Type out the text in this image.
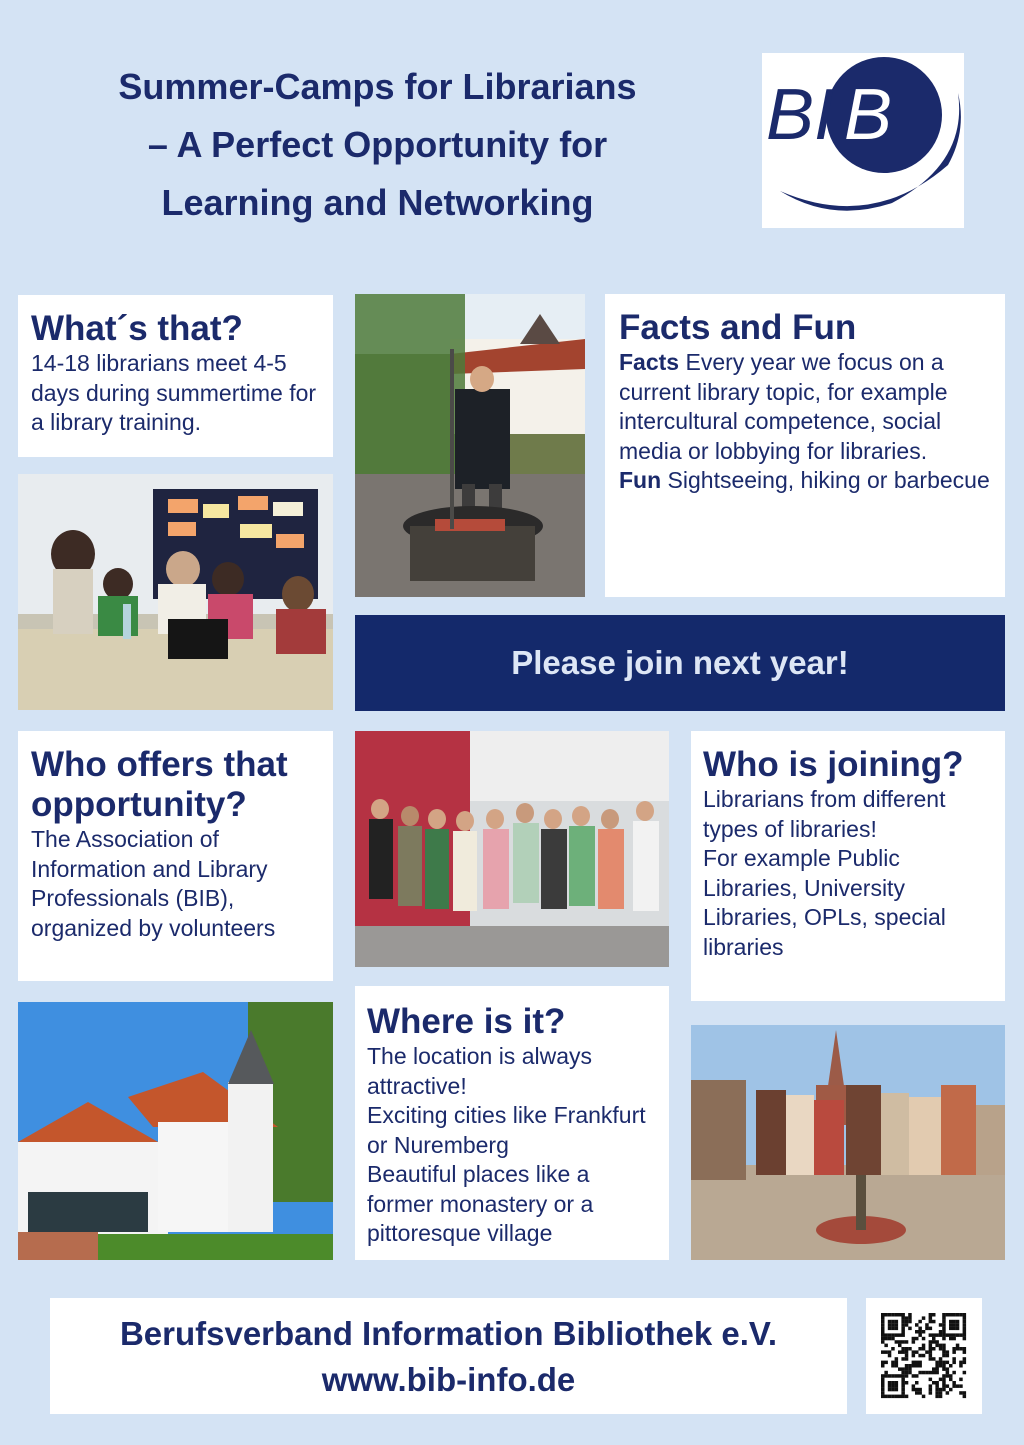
Summer-Camps for Librarians
– A Perfect Opportunity for
Learning and Networking
BI B

What´s that?

14-18 librarians meet 4-5 days during summertime for a library training.

Facts and Fun

Facts Every year we focus on a current library topic, for example intercultural competence, social media or lobbying for libraries.

Fun Sightseeing, hiking or barbecue

Please join next year!

Who offers that opportunity?

The Association of Information and Library Professionals (BIB), organized by volunteers

Who is joining?

Librarians from different types of libraries!

For example Public Libraries, University Libraries, OPLs, special libraries

Where is it?

The location is always attractive!

Exciting cities like Frankfurt or Nuremberg

Beautiful places like a former monastery or a pittoresque village

Berufsverband Information Bibliothek e.V.
www.bib-info.de
